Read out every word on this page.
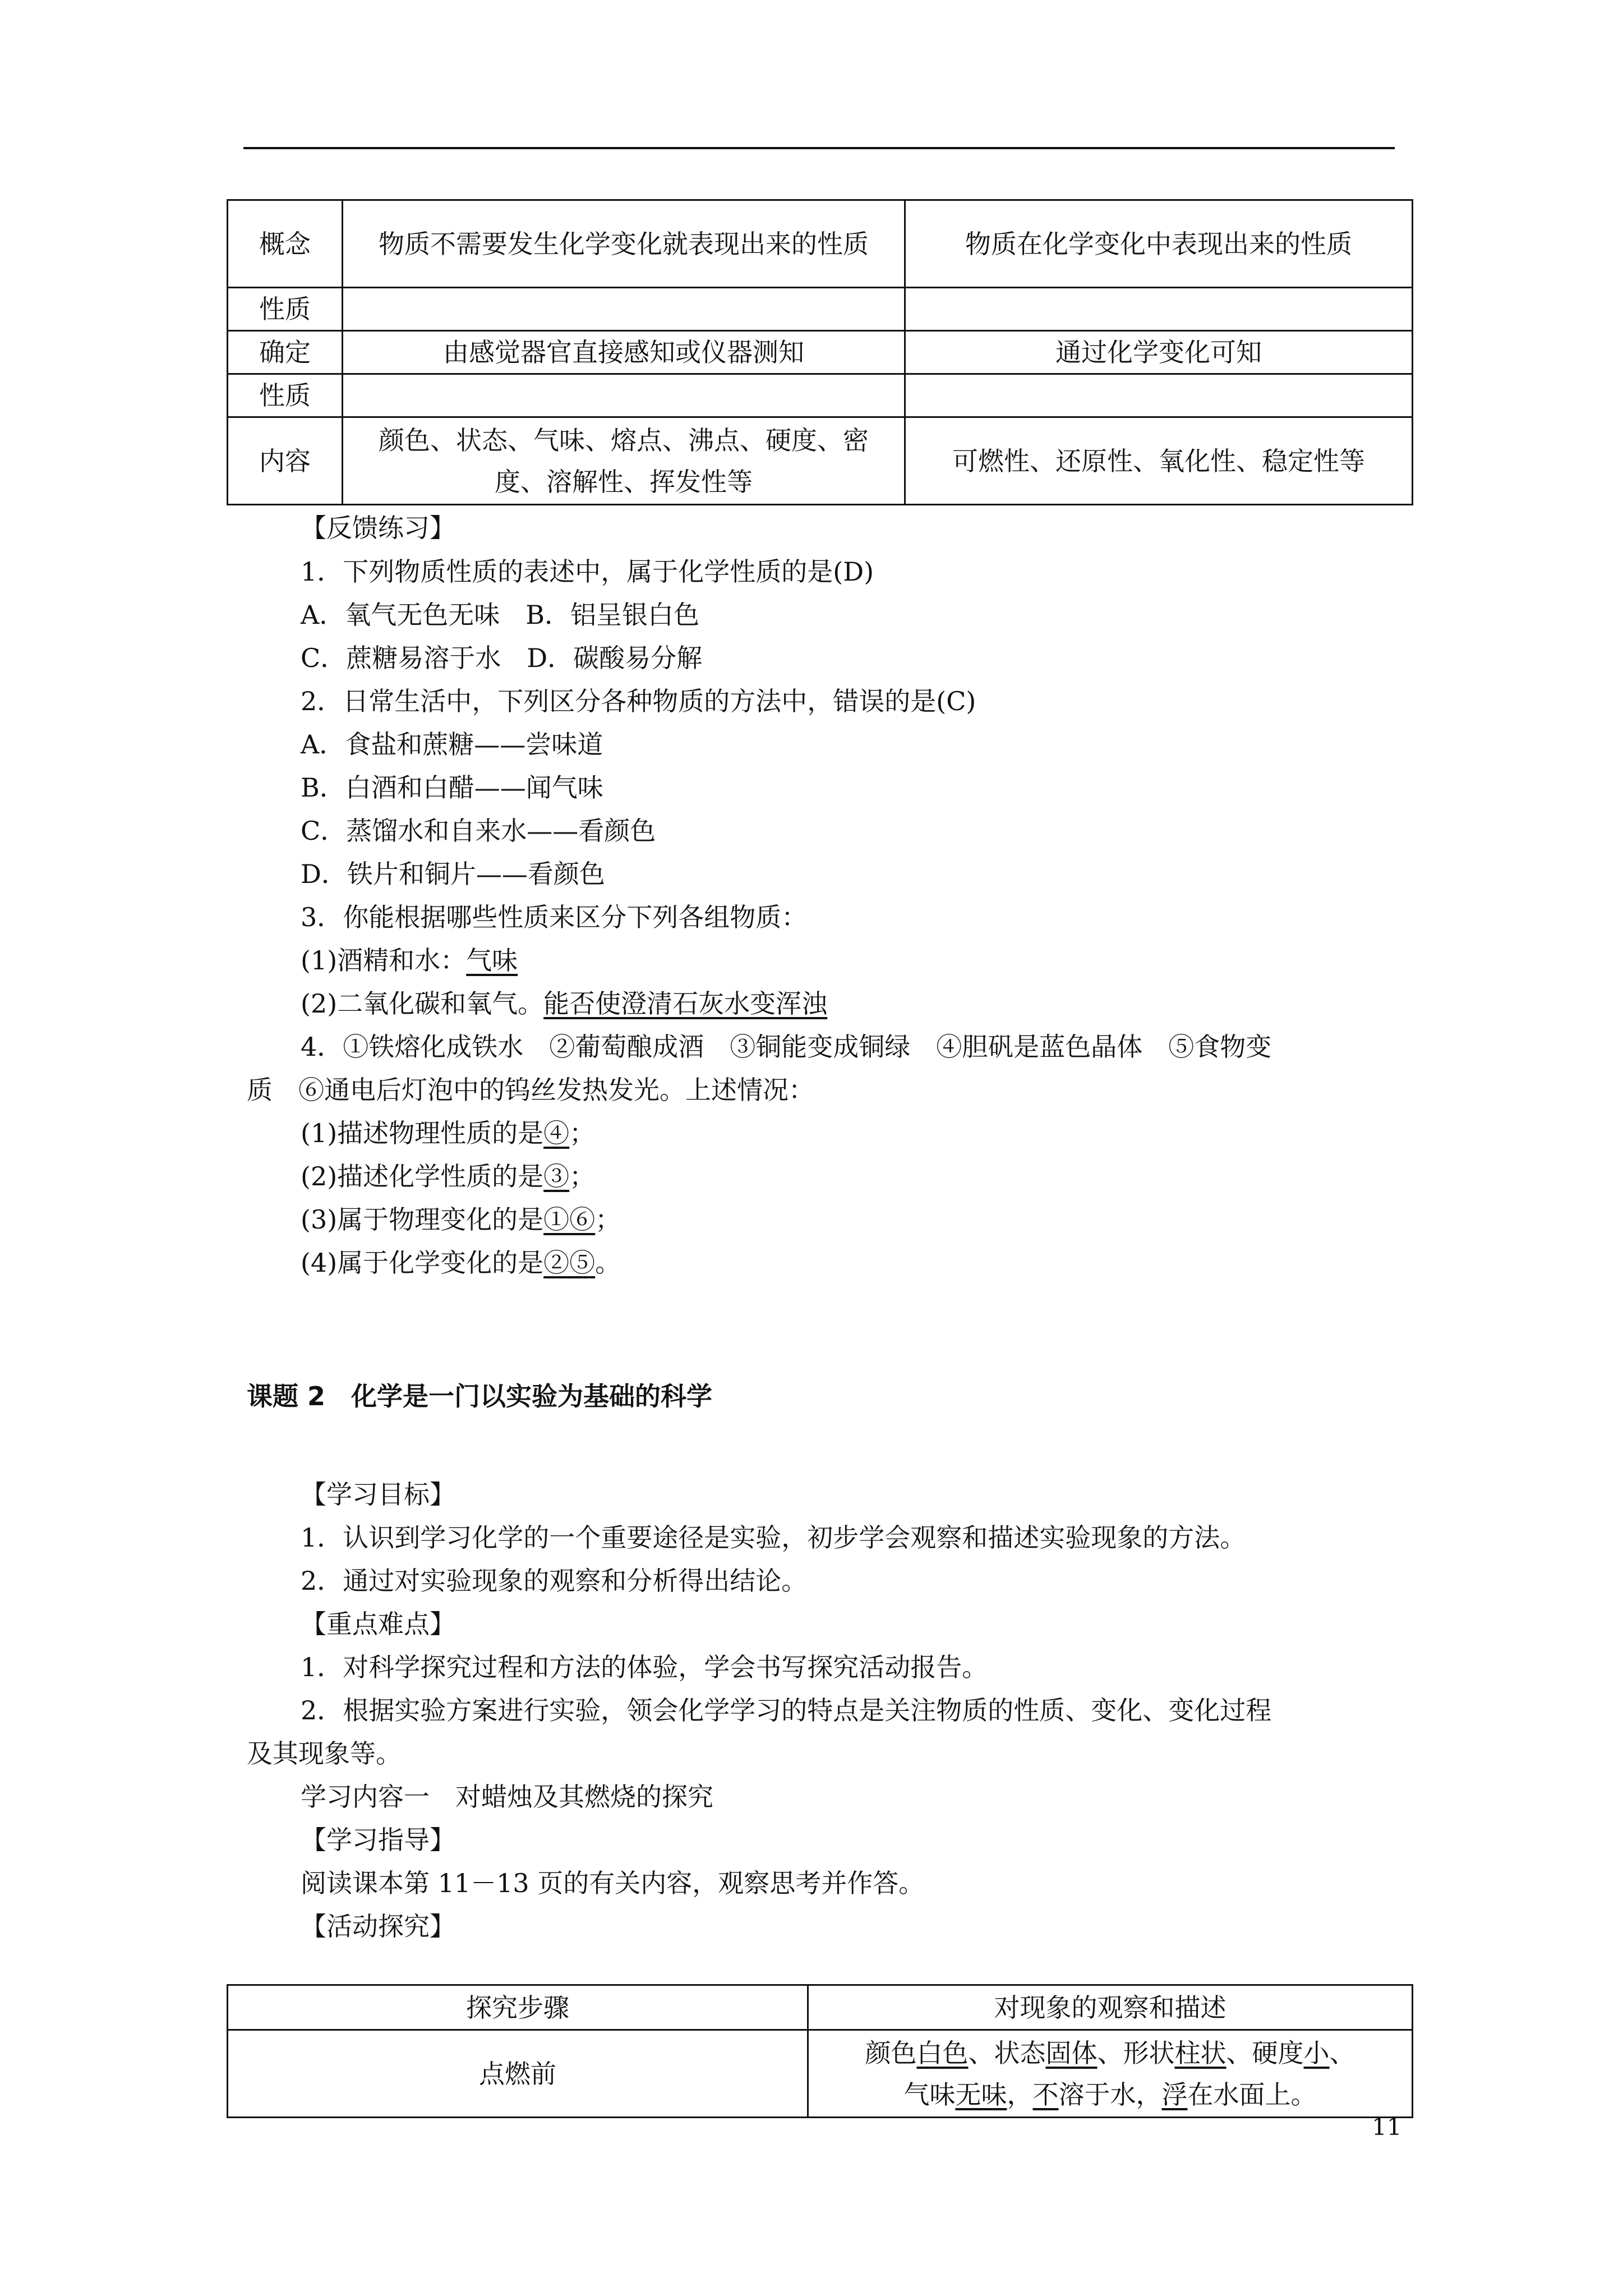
概念	物质不需要发生化学变化就表现出来的性质	物质在化学变化中表现出来的性质
性质		
确定	由感觉器官直接感知或仪器测知	通过化学变化可知
性质		
内容	颜色、状态、气味、熔点、沸点、硬度、密度、溶解性、挥发性等	可燃性、还原性、氧化性、稳定性等
【反馈练习】
1．下列物质性质的表述中，属于化学性质的是(D)
A．氧气无色无味　B．铝呈银白色
C．蔗糖易溶于水　D．碳酸易分解
2．日常生活中，下列区分各种物质的方法中，错误的是(C)
A．食盐和蔗糖——尝味道
B．白酒和白醋——闻气味
C．蒸馏水和自来水——看颜色
D．铁片和铜片——看颜色
3．你能根据哪些性质来区分下列各组物质：
(1)酒精和水：气味
(2)二氧化碳和氧气。能否使澄清石灰水变浑浊
4．①铁熔化成铁水　②葡萄酿成酒　③铜能变成铜绿　④胆矾是蓝色晶体　⑤食物变
质　⑥通电后灯泡中的钨丝发热发光。上述情况：
(1)描述物理性质的是④；
(2)描述化学性质的是③；
(3)属于物理变化的是①⑥；
(4)属于化学变化的是②⑤。
课题 2　化学是一门以实验为基础的科学
【学习目标】
1．认识到学习化学的一个重要途径是实验，初步学会观察和描述实验现象的方法。
2．通过对实验现象的观察和分析得出结论。
【重点难点】
1．对科学探究过程和方法的体验，学会书写探究活动报告。
2．根据实验方案进行实验，领会化学学习的特点是关注物质的性质、变化、变化过程
及其现象等。
学习内容一　对蜡烛及其燃烧的探究
【学习指导】
阅读课本第 11－13 页的有关内容，观察思考并作答。
【活动探究】
探究步骤	对现象的观察和描述
点燃前	颜色白色、状态固体、形状柱状、硬度小、
气味无味，不溶于水，浮在水面上。
11
